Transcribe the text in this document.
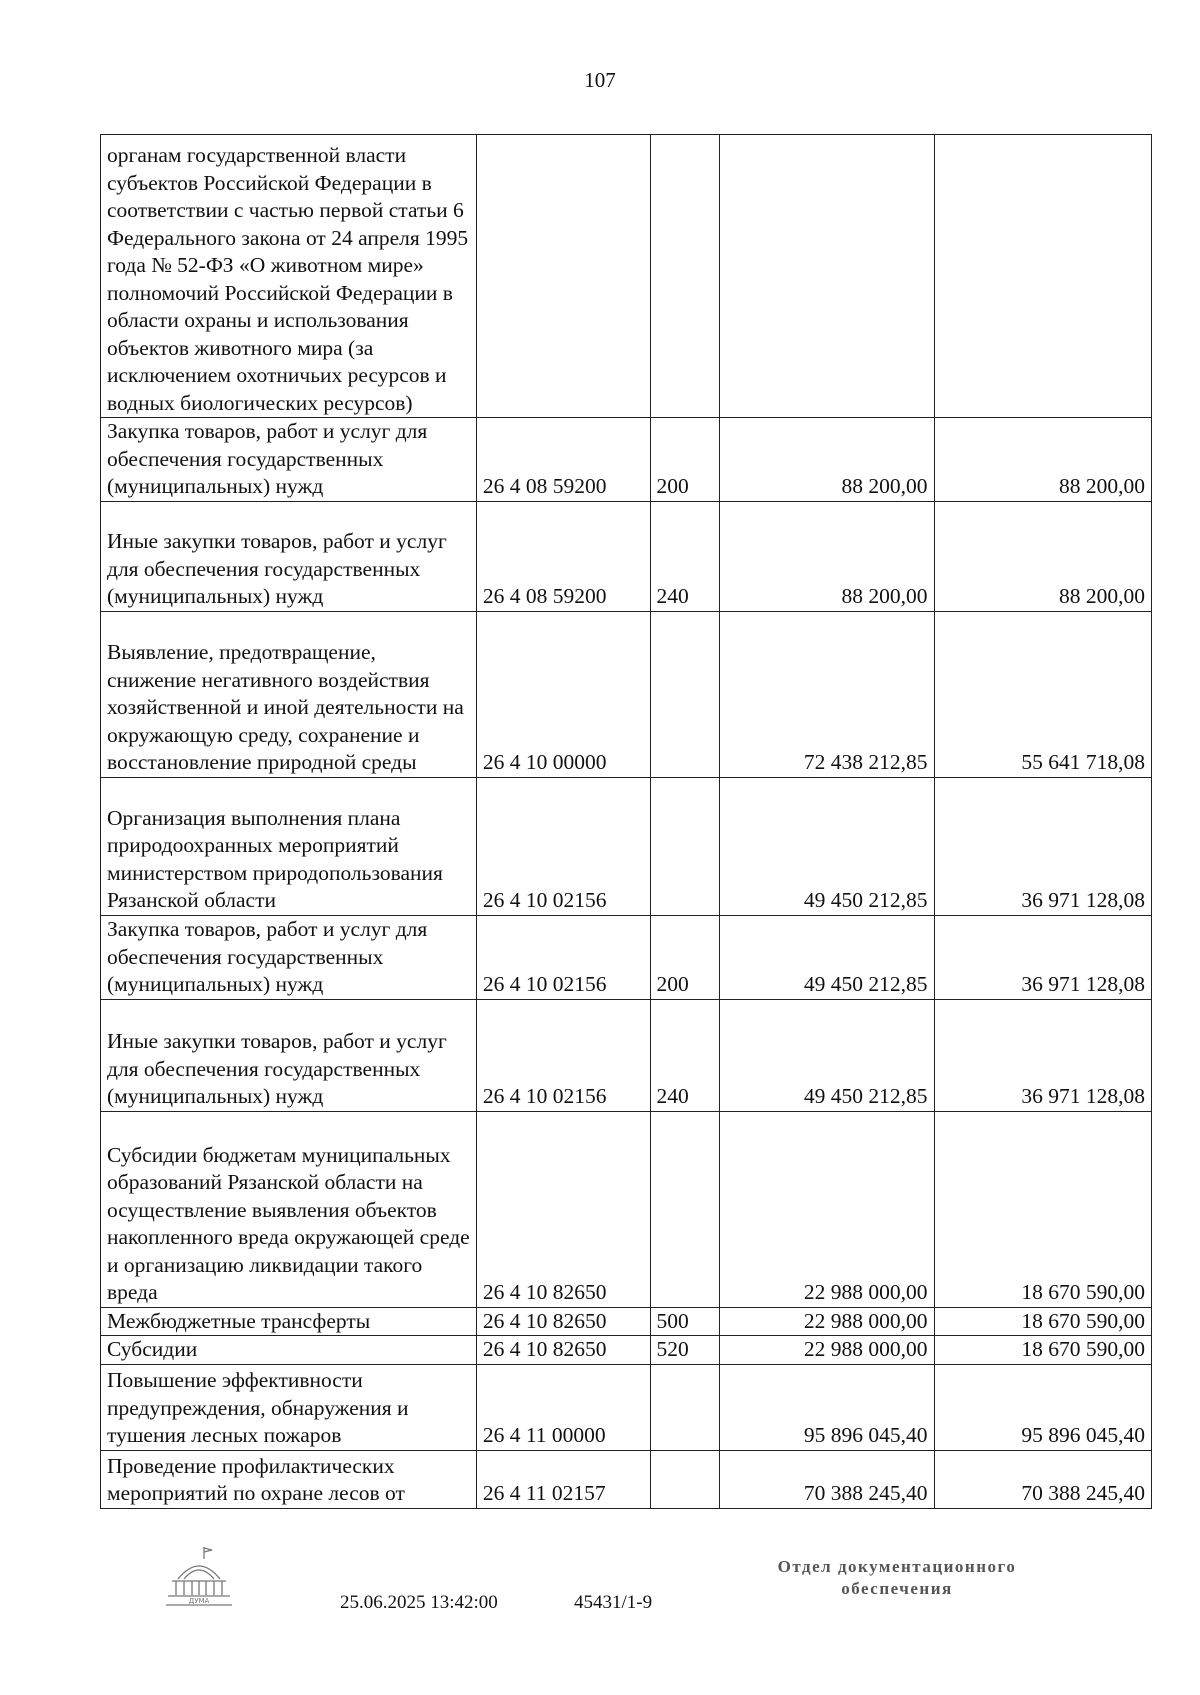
107
органам государственной власти субъектов Российской Федерации в соответствии с частью первой статьи 6 Федерального закона от 24 апреля 1995 года № 52-ФЗ «О животном мире» полномочий Российской Федерации в области охраны и использования объектов животного мира (за исключением охотничьих ресурсов и водных биологических ресурсов)				
Закупка товаров, работ и услуг для обеспечения государственных (муниципальных) нужд	26 4 08 59200	200	88 200,00	88 200,00
Иные закупки товаров, работ и услуг для обеспечения государственных (муниципальных) нужд	26 4 08 59200	240	88 200,00	88 200,00
Выявление, предотвращение, снижение негативного воздействия хозяйственной и иной деятельности на окружающую среду, сохранение и восстановление природной среды	26 4 10 00000		72 438 212,85	55 641 718,08
Организация выполнения плана природоохранных мероприятий министерством природопользования Рязанской области	26 4 10 02156		49 450 212,85	36 971 128,08
Закупка товаров, работ и услуг для обеспечения государственных (муниципальных) нужд	26 4 10 02156	200	49 450 212,85	36 971 128,08
Иные закупки товаров, работ и услуг для обеспечения государственных (муниципальных) нужд	26 4 10 02156	240	49 450 212,85	36 971 128,08
Субсидии бюджетам муниципальных образований Рязанской области на осуществление выявления объектов накопленного вреда окружающей среде и организацию ликвидации такого вреда	26 4 10 82650		22 988 000,00	18 670 590,00
Межбюджетные трансферты	26 4 10 82650	500	22 988 000,00	18 670 590,00
Субсидии	26 4 10 82650	520	22 988 000,00	18 670 590,00
Повышение эффективности предупреждения, обнаружения и тушения лесных пожаров	26 4 11 00000		95 896 045,40	95 896 045,40
Проведение профилактических мероприятий по охране лесов от	26 4 11 02157		70 388 245,40	70 388 245,40
ДУМА	25.06.2025 13:42:00	45431/1-9
Отдел документационного
обеспечения
